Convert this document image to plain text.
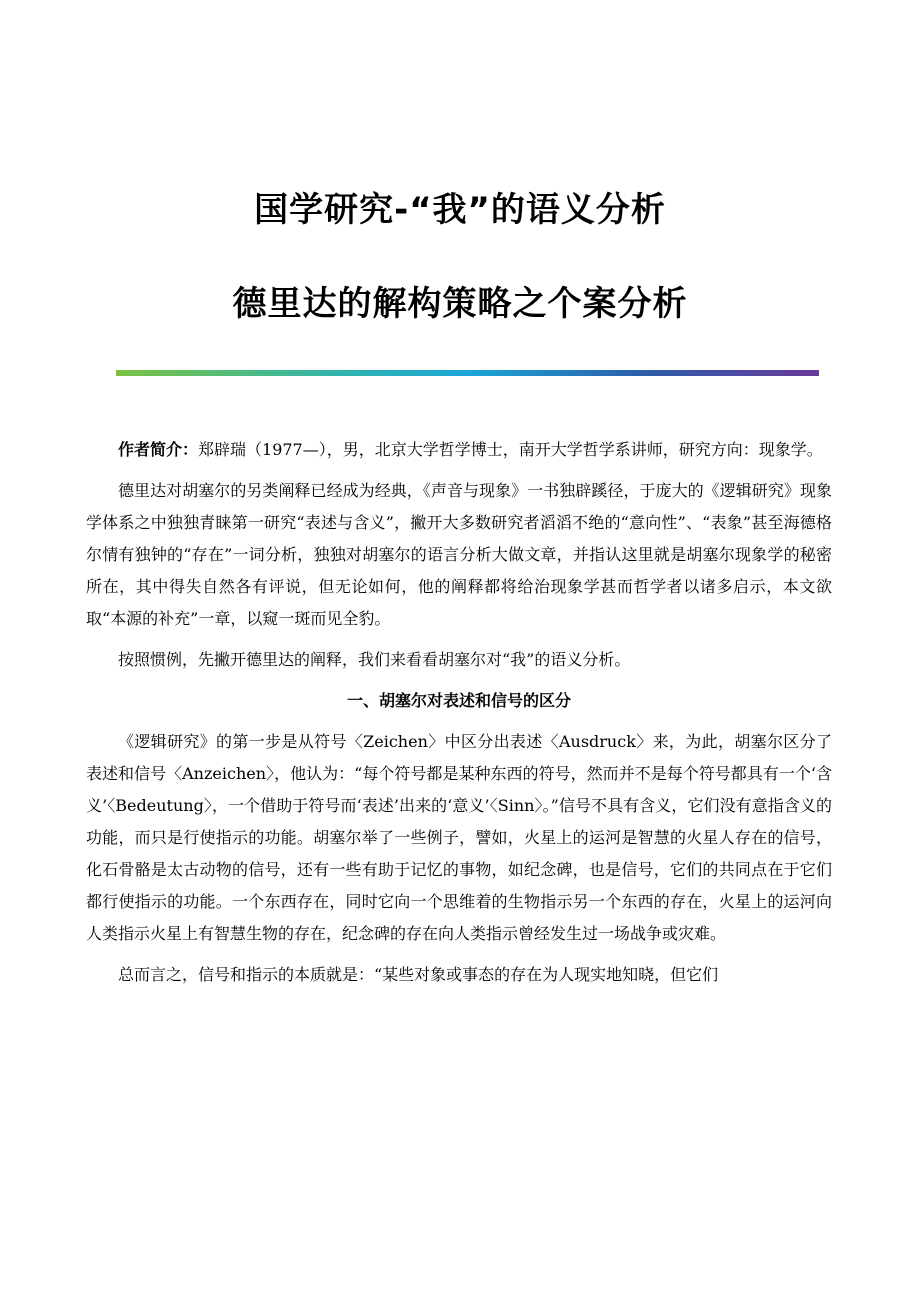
国学研究-“我”的语义分析
德里达的解构策略之个案分析

作者简介：郑辟瑞（1977—），男，北京大学哲学博士，南开大学哲学系讲师，研究方向：现象学。

德里达对胡塞尔的另类阐释已经成为经典，《声音与现象》一书独辟蹊径，于庞大的《逻辑研究》现象学体系之中独独青睐第一研究“表述与含义”，撇开大多数研究者滔滔不绝的“意向性”、“表象”甚至海德格尔情有独钟的“存在”一词分析，独独对胡塞尔的语言分析大做文章，并指认这里就是胡塞尔现象学的秘密所在，其中得失自然各有评说，但无论如何，他的阐释都将给治现象学甚而哲学者以诸多启示，本文欲取“本源的补充”一章，以窥一斑而见全豹。

按照惯例，先撇开德里达的阐释，我们来看看胡塞尔对“我”的语义分析。

一、胡塞尔对表述和信号的区分

《逻辑研究》的第一步是从符号〈Zeichen〉中区分出表述〈Ausdruck〉来，为此，胡塞尔区分了表述和信号〈Anzeichen〉，他认为：“每个符号都是某种东西的符号，然而并不是每个符号都具有一个‘含义’〈Bedeutung〉，一个借助于符号而‘表述’出来的‘意义’〈Sinn〉。”信号不具有含义，它们没有意指含义的功能，而只是行使指示的功能。胡塞尔举了一些例子，譬如，火星上的运河是智慧的火星人存在的信号，化石骨骼是太古动物的信号，还有一些有助于记忆的事物，如纪念碑，也是信号，它们的共同点在于它们都行使指示的功能。一个东西存在，同时它向一个思维着的生物指示另一个东西的存在，火星上的运河向人类指示火星上有智慧生物的存在，纪念碑的存在向人类指示曾经发生过一场战争或灾难。

总而言之，信号和指示的本质就是：“某些对象或事态的存在为人现实地知晓，但它们
